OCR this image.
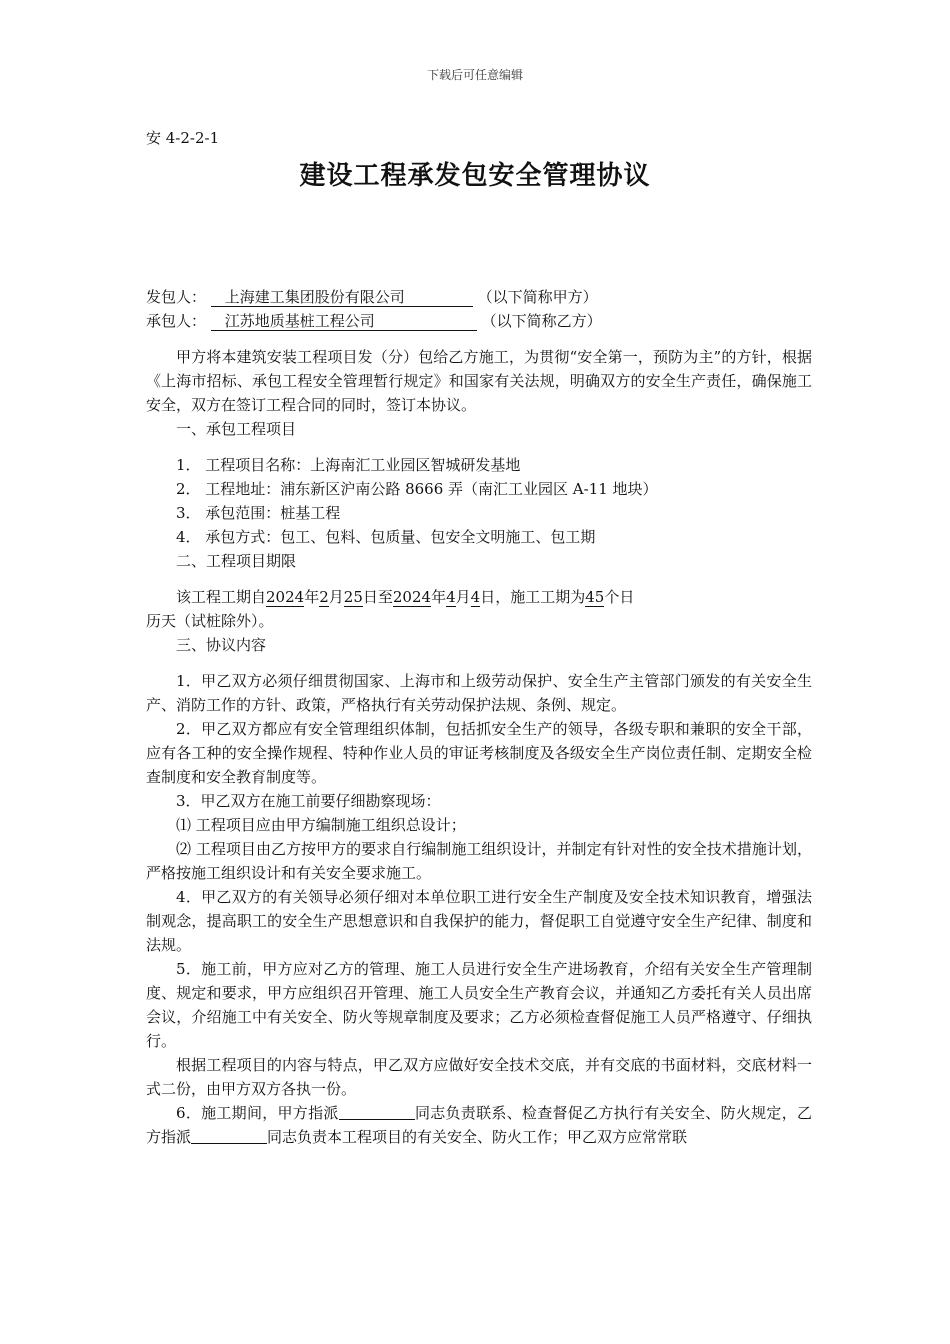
下载后可任意编辑
安 4-2-2-1
建设工程承发包安全管理协议
发包人： 上海建工集团股份有限公司	（以下简称甲方）
承包人： 江苏地质基桩工程公司	（以下简称乙方）

甲方将本建筑安装工程项目发（分）包给乙方施工，为贯彻“安全第一，预防为主”的方针，根据《上海市招标、承包工程安全管理暂行规定》和国家有关法规，明确双方的安全生产责任，确保施工安全，双方在签订工程合同的同时，签订本协议。

一、承包工程项目

1． 工程项目名称：上海南汇工业园区智城研发基地

2． 工程地址：浦东新区沪南公路 8666 弄（南汇工业园区 A-11 地块）

3． 承包范围：桩基工程

4． 承包方式：包工、包料、包质量、包安全文明施工、包工期

二、工程项目期限

该工程工期自2024年2月25日至2024年4月4日，施工工期为45个日
历天（试桩除外）。

三、协议内容

1．甲乙双方必须仔细贯彻国家、上海市和上级劳动保护、安全生产主管部门颁发的有关安全生产、消防工作的方针、政策，严格执行有关劳动保护法规、条例、规定。

2．甲乙双方都应有安全管理组织体制，包括抓安全生产的领导，各级专职和兼职的安全干部，应有各工种的安全操作规程、特种作业人员的审证考核制度及各级安全生产岗位责任制、定期安全检查制度和安全教育制度等。

3．甲乙双方在施工前要仔细勘察现场：

⑴ 工程项目应由甲方编制施工组织总设计；

⑵ 工程项目由乙方按甲方的要求自行编制施工组织设计，并制定有针对性的安全技术措施计划，严格按施工组织设计和有关安全要求施工。

4．甲乙双方的有关领导必须仔细对本单位职工进行安全生产制度及安全技术知识教育，增强法制观念，提高职工的安全生产思想意识和自我保护的能力，督促职工自觉遵守安全生产纪律、制度和法规。

5．施工前，甲方应对乙方的管理、施工人员进行安全生产进场教育，介绍有关安全生产管理制度、规定和要求，甲方应组织召开管理、施工人员安全生产教育会议，并通知乙方委托有关人员出席会议，介绍施工中有关安全、防火等规章制度及要求；乙方必须检查督促施工人员严格遵守、仔细执行。

根据工程项目的内容与特点，甲乙双方应做好安全技术交底，并有交底的书面材料，交底材料一式二份，由甲方双方各执一份。

6．施工期间，甲方指派	同志负责联系、检查督促乙方执行有关安全、防火规定，乙方指派	同志负责本工程项目的有关安全、防火工作；甲乙双方应常常联
